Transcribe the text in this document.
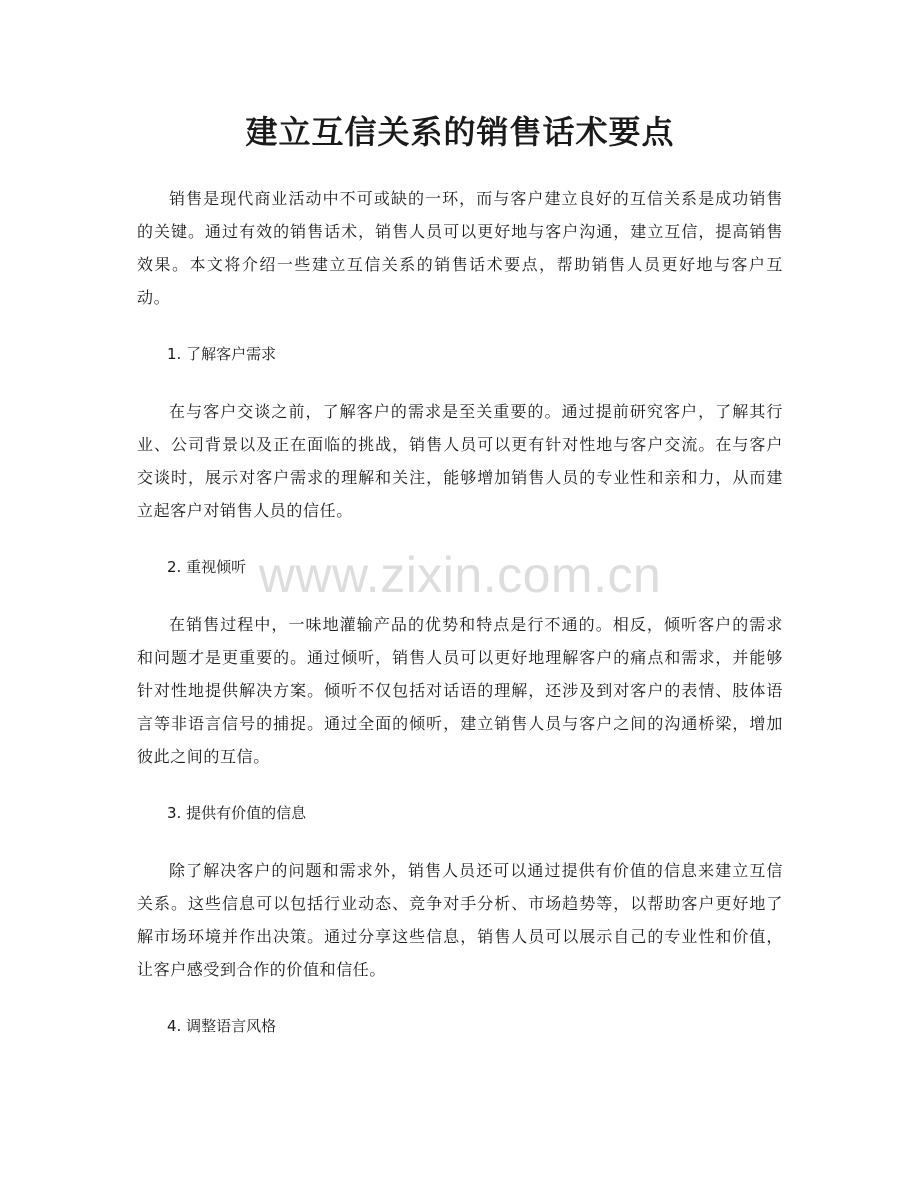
建立互信关系的销售话术要点

销售是现代商业活动中不可或缺的一环，而与客户建立良好的互信关系是成功销售的关键。通过有效的销售话术，销售人员可以更好地与客户沟通，建立互信，提高销售效果。本文将介绍一些建立互信关系的销售话术要点，帮助销售人员更好地与客户互动。

1. 了解客户需求

在与客户交谈之前，了解客户的需求是至关重要的。通过提前研究客户，了解其行业、公司背景以及正在面临的挑战，销售人员可以更有针对性地与客户交流。在与客户交谈时，展示对客户需求的理解和关注，能够增加销售人员的专业性和亲和力，从而建立起客户对销售人员的信任。

2. 重视倾听

在销售过程中，一味地灌输产品的优势和特点是行不通的。相反，倾听客户的需求和问题才是更重要的。通过倾听，销售人员可以更好地理解客户的痛点和需求，并能够针对性地提供解决方案。倾听不仅包括对话语的理解，还涉及到对客户的表情、肢体语言等非语言信号的捕捉。通过全面的倾听，建立销售人员与客户之间的沟通桥梁，增加彼此之间的互信。

3. 提供有价值的信息

除了解决客户的问题和需求外，销售人员还可以通过提供有价值的信息来建立互信关系。这些信息可以包括行业动态、竞争对手分析、市场趋势等，以帮助客户更好地了解市场环境并作出决策。通过分享这些信息，销售人员可以展示自己的专业性和价值，让客户感受到合作的价值和信任。

4. 调整语言风格

www.zixin.com.cn
